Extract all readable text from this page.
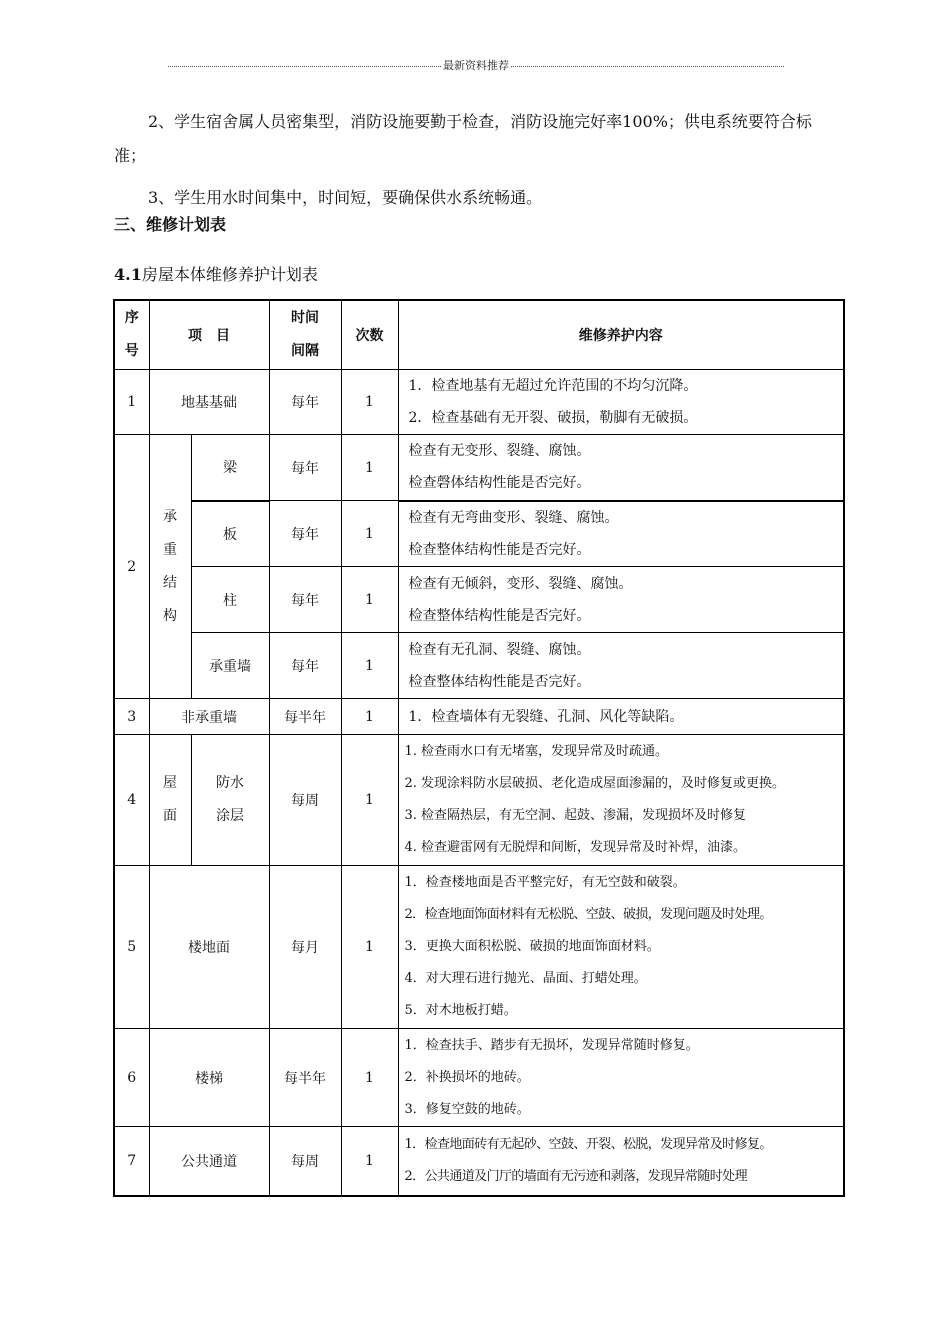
最新资料推荐

2、学生宿舍属人员密集型，消防设施要勤于检查，消防设施完好率100%；供电系统要符合标准；

3、学生用水时间集中，时间短，要确保供水系统畅通。

三、维修计划表
4.1房屋本体维修养护计划表
序号	项　目		时间间隔	次数	维修养护内容
1	地基基础		每年	1	1．检查地基有无超过允许范围的不均匀沉降。
2．检查基础有无开裂、破损，勒脚有无破损。

2	承重结构	梁	每年	1	检查有无变形、裂缝、腐蚀。
检查磬体结构性能是否完好。

		板	每年	1	检查有无弯曲变形、裂缝、腐蚀。
检查整体结构性能是否完好。

		柱	每年	1	检查有无倾斜，变形、裂缝、腐蚀。
检查整体结构性能是否完好。

		承重墙	每年	1	检查有无孔洞、裂缝、腐蚀。
检查整体结构性能是否完好。

3	非承重墙		每半年	1	1．检查墙体有无裂缝、孔洞、风化等缺陷。

4	屋面	防水涂层	每周	1	1. 检查雨水口有无堵塞，发现异常及时疏通。
2. 发现涂料防水层破损、老化造成屋面渗漏的，及时修复或更换。
3. 检查隔热层，有无空洞、起鼓、渗漏，发现损坏及时修复
4. 检查避雷网有无脱焊和间断，发现异常及时补焊，油漆。

5	楼地面		每月	1	1．检查楼地面是否平整完好，有无空鼓和破裂。
2．检查地面饰面材料有无松脱、空鼓、破损，发现问题及时处理。
3．更换大面积松脱、破损的地面饰面材料。
4．对大理石进行抛光、晶面、打蜡处理。
5．对木地板打蜡。

6	楼梯		每半年	1	1．检查扶手、踏步有无损坏，发现异常随时修复。
2．补换损坏的地砖。
3．修复空鼓的地砖。

7	公共通道		每周	1	1．检查地面砖有无起砂、空鼓、开裂、松脱，发现异常及时修复。
2．公共通道及门厅的墙面有无污迹和剥落，发现异常随时处理
